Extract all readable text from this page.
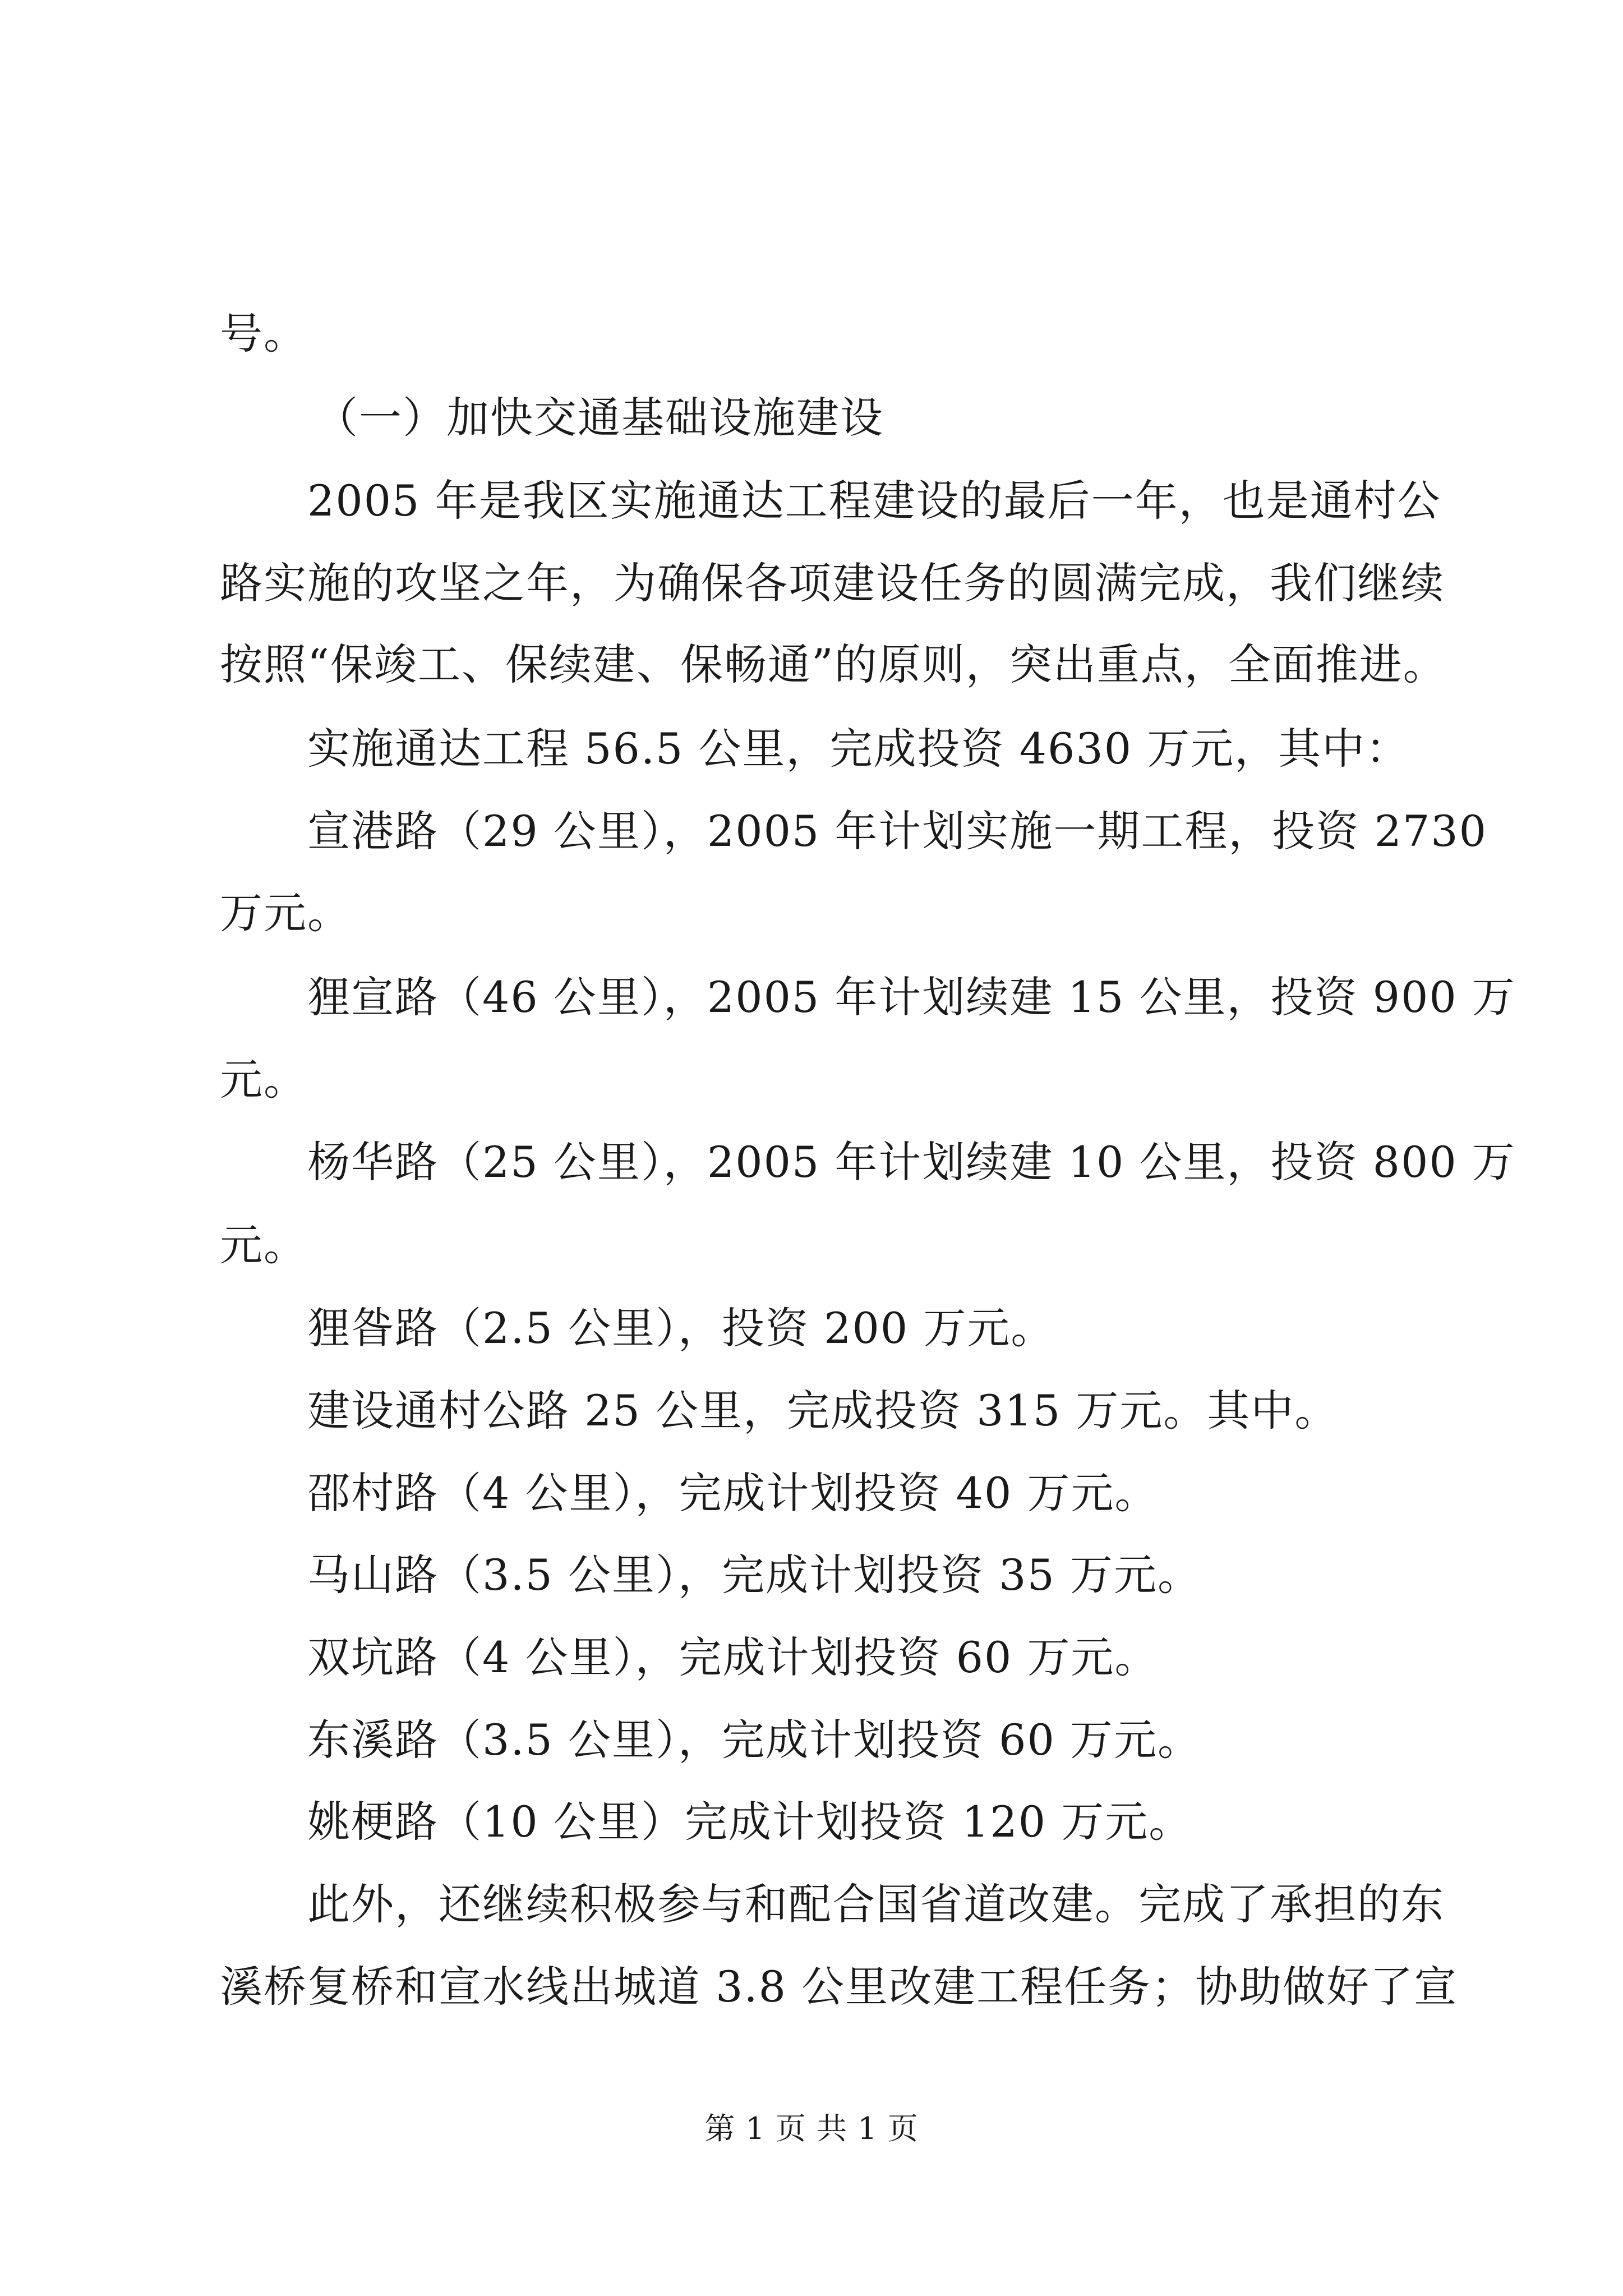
号。
（一）加快交通基础设施建设
2005 年是我区实施通达工程建设的最后一年，也是通村公
路实施的攻坚之年，为确保各项建设任务的圆满完成，我们继续
按照“保竣工、保续建、保畅通”的原则，突出重点，全面推进。
实施通达工程 56.5 公里，完成投资 4630 万元，其中：
宣港路（29 公里），2005 年计划实施一期工程，投资 2730
万元。
狸宣路（46 公里），2005 年计划续建 15 公里，投资 900 万
元。
杨华路（25 公里），2005 年计划续建 10 公里，投资 800 万
元。
狸昝路（2.5 公里），投资 200 万元。
建设通村公路 25 公里，完成投资 315 万元。其中。
邵村路（4 公里），完成计划投资 40 万元。
马山路（3.5 公里），完成计划投资 35 万元。
双坑路（4 公里），完成计划投资 60 万元。
东溪路（3.5 公里），完成计划投资 60 万元。
姚梗路（10 公里）完成计划投资 120 万元。
此外，还继续积极参与和配合国省道改建。完成了承担的东
溪桥复桥和宣水线出城道 3.8 公里改建工程任务；协助做好了宣
第 1 页 共 1 页
